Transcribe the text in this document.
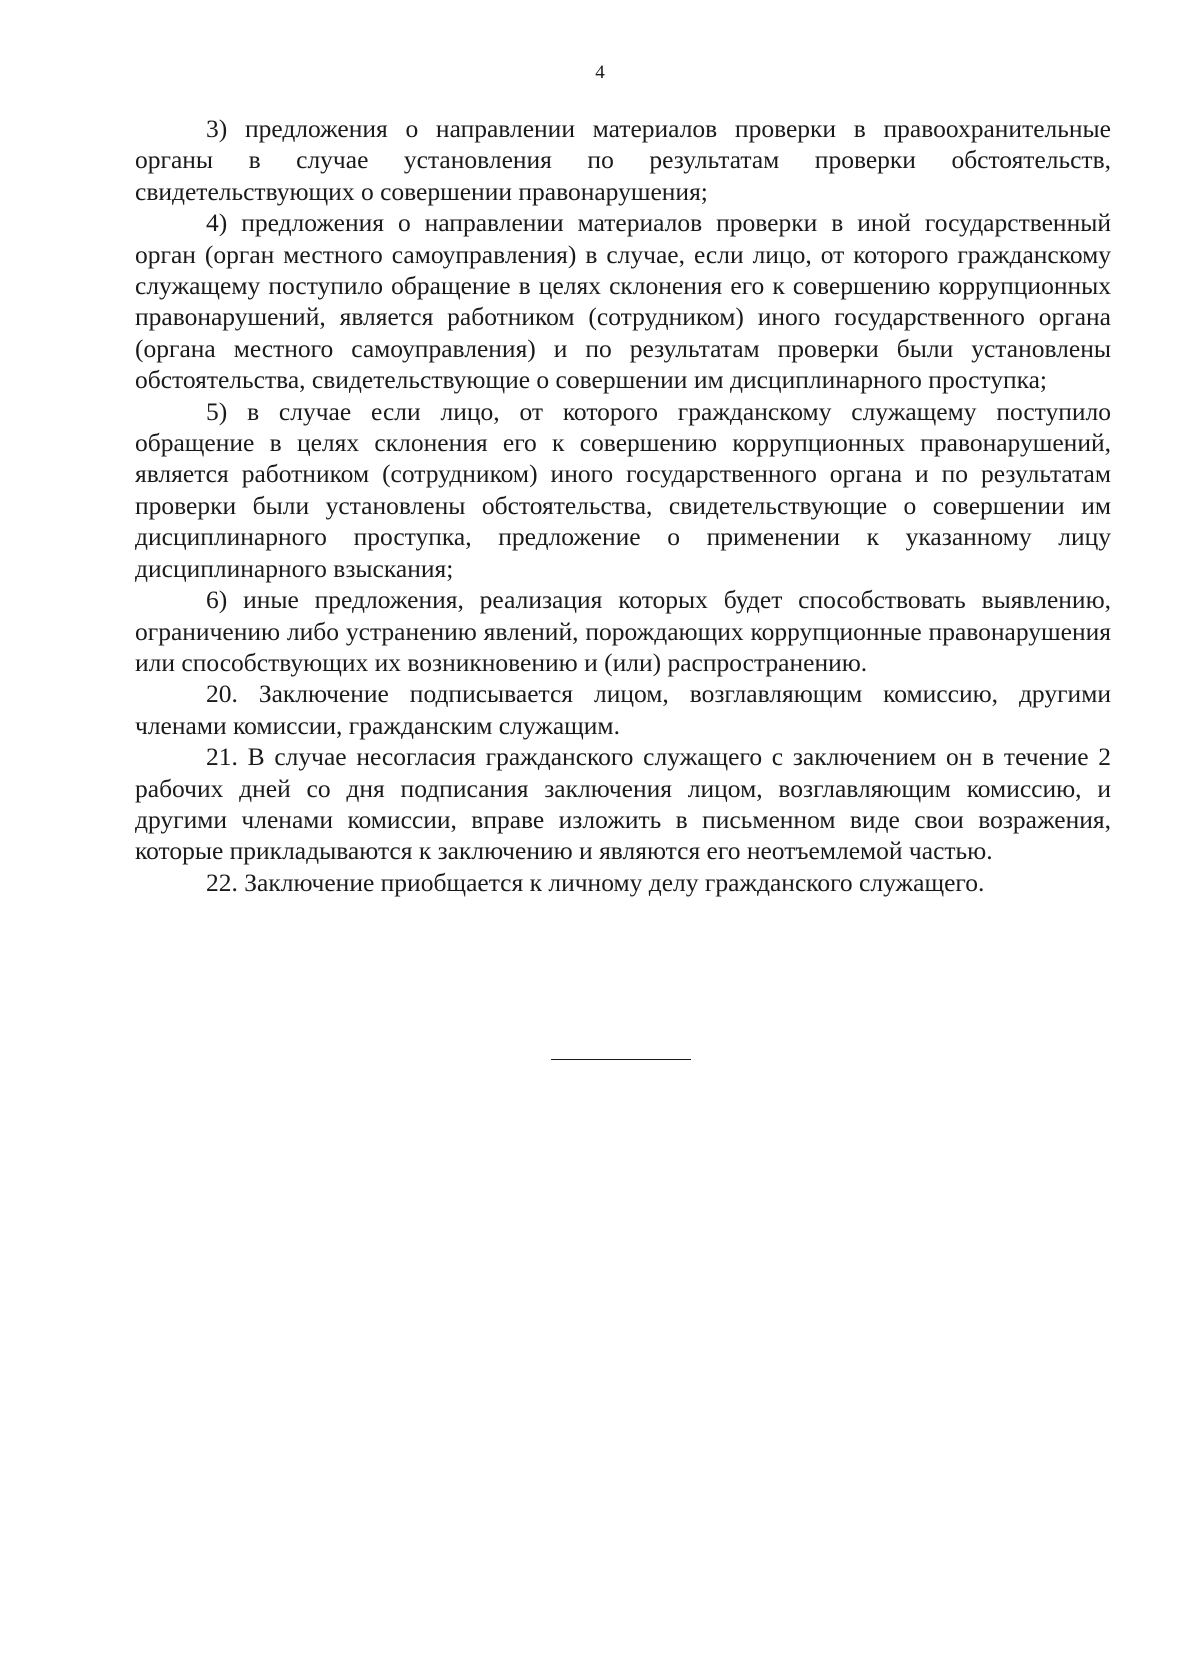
4

3) предложения о направлении материалов проверки в правоохранительные органы в случае установления по результатам проверки обстоятельств, свидетельствующих о совершении правонарушения;

4) предложения о направлении материалов проверки в иной государственный орган (орган местного самоуправления) в случае, если лицо, от которого гражданскому служащему поступило обращение в целях склонения его к совершению коррупционных правонарушений, является работником (сотрудником) иного государственного органа (органа местного самоуправления) и по результатам проверки были установлены обстоятельства, свидетельствующие о совершении им дисциплинарного проступка;

5) в случае если лицо, от которого гражданскому служащему поступило обращение в целях склонения его к совершению коррупционных правонарушений, является работником (сотрудником) иного государственного органа и по результатам проверки были установлены обстоятельства, свидетельствующие о совершении им дисциплинарного проступка, предложение о применении к указанному лицу дисциплинарного взыскания;

6) иные предложения, реализация которых будет способствовать выявлению, ограничению либо устранению явлений, порождающих коррупционные правонарушения или способствующих их возникновению и (или) распространению.

20. Заключение подписывается лицом, возглавляющим комиссию, другими членами комиссии, гражданским служащим.

21. В случае несогласия гражданского служащего с заключением он в течение 2 рабочих дней со дня подписания заключения лицом, возглавляющим комиссию, и другими членами комиссии, вправе изложить в письменном виде свои возражения, которые прикладываются к заключению и являются его неотъемлемой частью.

22. Заключение приобщается к личному делу гражданского служащего.
